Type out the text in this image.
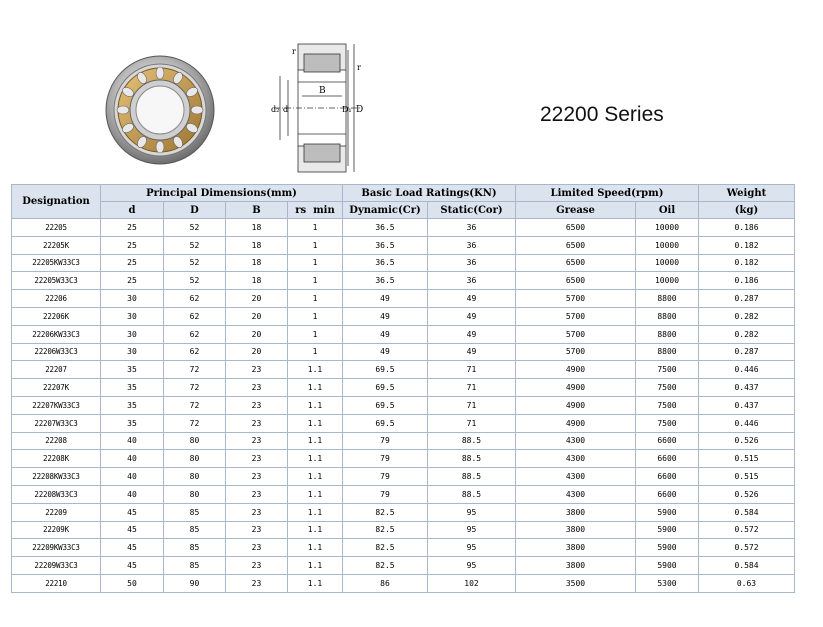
r
r
B
d₂ d	D₁ D	22200 Series
Designation	Principal Dimensions(mm)				Basic Load Ratings(KN)		Limited Speed(rpm)		Weight
	d	D	B	rs  min	Dynamic(Cr)	Static(Cor)	Grease	Oil	(kg)
22205	25	52	18	1	36.5	36	6500	10000	0.186
22205K	25	52	18	1	36.5	36	6500	10000	0.182
22205KW33C3	25	52	18	1	36.5	36	6500	10000	0.182
22205W33C3	25	52	18	1	36.5	36	6500	10000	0.186
22206	30	62	20	1	49	49	5700	8800	0.287
22206K	30	62	20	1	49	49	5700	8800	0.282
22206KW33C3	30	62	20	1	49	49	5700	8800	0.282
22206W33C3	30	62	20	1	49	49	5700	8800	0.287
22207	35	72	23	1.1	69.5	71	4900	7500	0.446
22207K	35	72	23	1.1	69.5	71	4900	7500	0.437
22207KW33C3	35	72	23	1.1	69.5	71	4900	7500	0.437
22207W33C3	35	72	23	1.1	69.5	71	4900	7500	0.446
22208	40	80	23	1.1	79	88.5	4300	6600	0.526
22208K	40	80	23	1.1	79	88.5	4300	6600	0.515
22208KW33C3	40	80	23	1.1	79	88.5	4300	6600	0.515
22208W33C3	40	80	23	1.1	79	88.5	4300	6600	0.526
22209	45	85	23	1.1	82.5	95	3800	5900	0.584
22209K	45	85	23	1.1	82.5	95	3800	5900	0.572
22209KW33C3	45	85	23	1.1	82.5	95	3800	5900	0.572
22209W33C3	45	85	23	1.1	82.5	95	3800	5900	0.584
22210	50	90	23	1.1	86	102	3500	5300	0.63
